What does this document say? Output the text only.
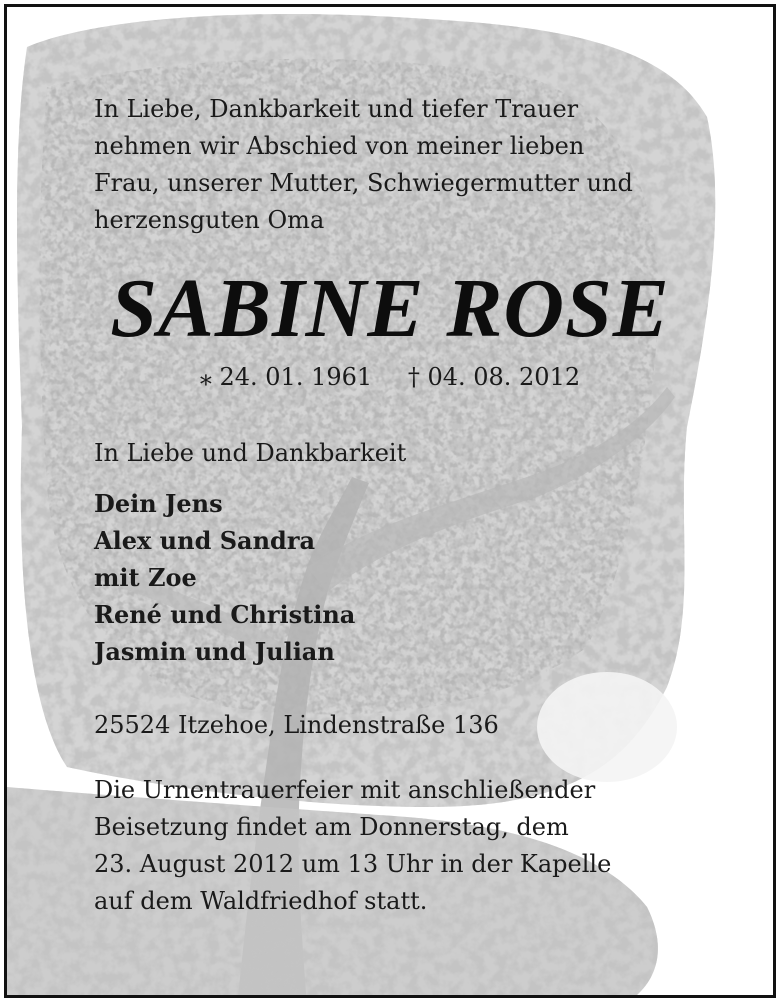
In Liebe, Dankbarkeit und tiefer Trauer
nehmen wir Abschied von meiner lieben
Frau, unserer Mutter, Schwiegermutter und
herzensguten Oma

SABINE ROSE
⁎ 24. 01. 1961 † 04. 08. 2012

In Liebe und Dankbarkeit

Dein Jens
Alex und Sandra
mit Zoe
René und Christina
Jasmin und Julian

25524 Itzehoe, Lindenstraße 136

Die Urnentrauerfeier mit anschließender
Beisetzung findet am Donnerstag, dem
23. August 2012 um 13 Uhr in der Kapelle
auf dem Waldfriedhof statt.
